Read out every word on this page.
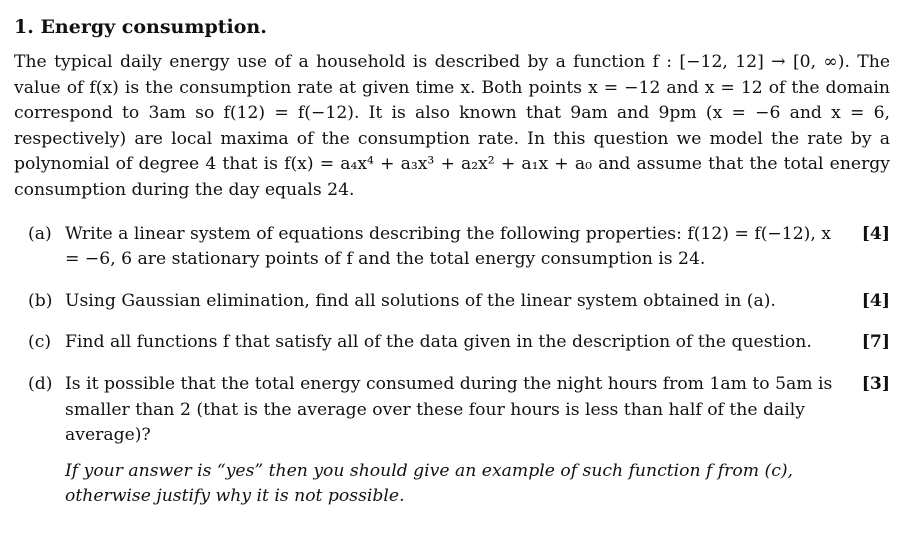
1. Energy consumption.

The typical daily energy use of a household is described by a function f : [−12, 12] → [0, ∞). The value of f(x) is the consumption rate at given time x. Both points x = −12 and x = 12 of the domain correspond to 3am so f(12) = f(−12). It is also known that 9am and 9pm (x = −6 and x = 6, respectively) are local maxima of the consumption rate. In this question we model the rate by a polynomial of degree 4 that is f(x) = a₄x⁴ + a₃x³ + a₂x² + a₁x + a₀ and assume that the total energy consumption during the day equals 24.

(a) Write a linear system of equations describing the following properties: f(12) = f(−12), x = −6, 6 are stationary points of f and the total energy consumption is 24.
[4]
(b) Using Gaussian elimination, find all solutions of the linear system obtained in (a).	[4]
(c) Find all functions f that satisfy all of the data given in the description of the question.	[7]
(d) Is it possible that the total energy consumed during the night hours from 1am to 5am is smaller than 2 (that is the average over these four hours is less than half of the daily average)?
[3]
If your answer is “yes” then you should give an example of such function f from (c), otherwise justify why it is not possible.
